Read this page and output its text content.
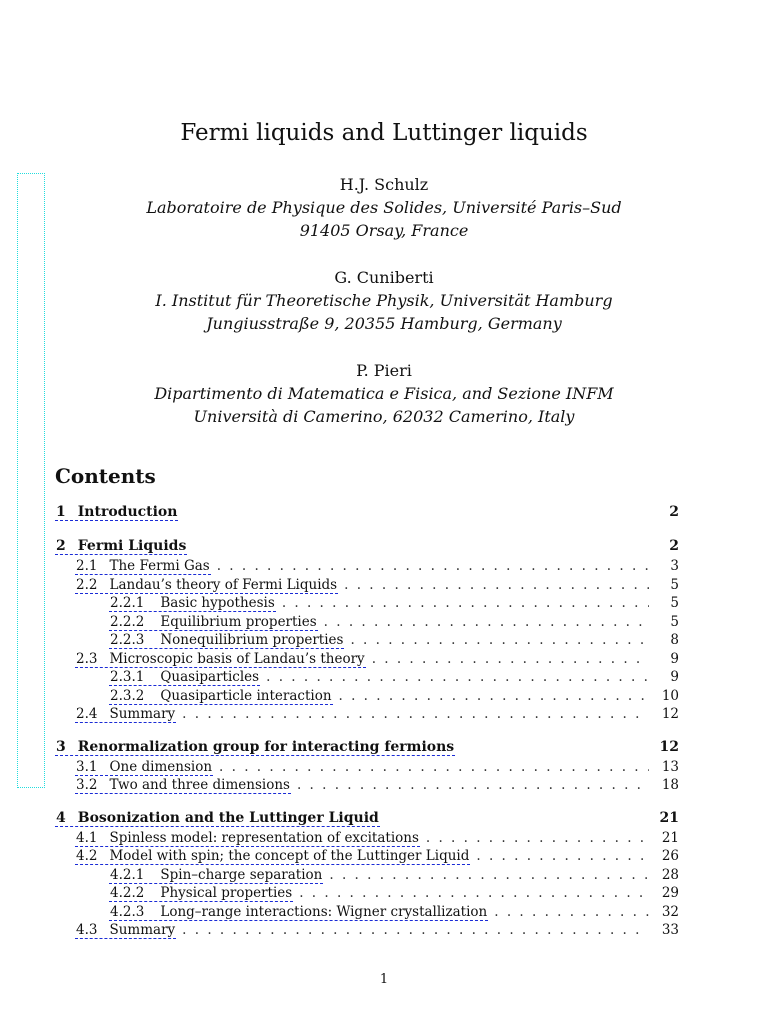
Fermi liquids and Luttinger liquids
H.J. Schulz
Laboratoire de Physique des Solides, Université Paris–Sud
91405 Orsay, France
G. Cuniberti
I. Institut für Theoretische Physik, Universität Hamburg
Jungiusstraße 9, 20355 Hamburg, Germany
P. Pieri
Dipartimento di Matematica e Fisica, and Sezione INFM
Università di Camerino, 62032 Camerino, Italy
Contents
1 Introduction	2
2 Fermi Liquids	2
2.1 The Fermi Gas . . .	3
2.2 Landau’s theory of Fermi Liquids . . .	5
2.2.1 Basic hypothesis . . .	5
2.2.2 Equilibrium properties . . .	5
2.2.3 Nonequilibrium properties . . .	8
2.3 Microscopic basis of Landau’s theory . . .	9
2.3.1 Quasiparticles . . .	9
2.3.2 Quasiparticle interaction . . .	10
2.4 Summary . . .	12
3 Renormalization group for interacting fermions	12
3.1 One dimension . . .	13
3.2 Two and three dimensions . . .	18
4 Bosonization and the Luttinger Liquid	21
4.1 Spinless model: representation of excitations . . .	21
4.2 Model with spin; the concept of the Luttinger Liquid . . .	26
4.2.1 Spin–charge separation . . .	28
4.2.2 Physical properties . . .	29
4.2.3 Long–range interactions: Wigner crystallization . . .	32
4.3 Summary . . .	33
1
